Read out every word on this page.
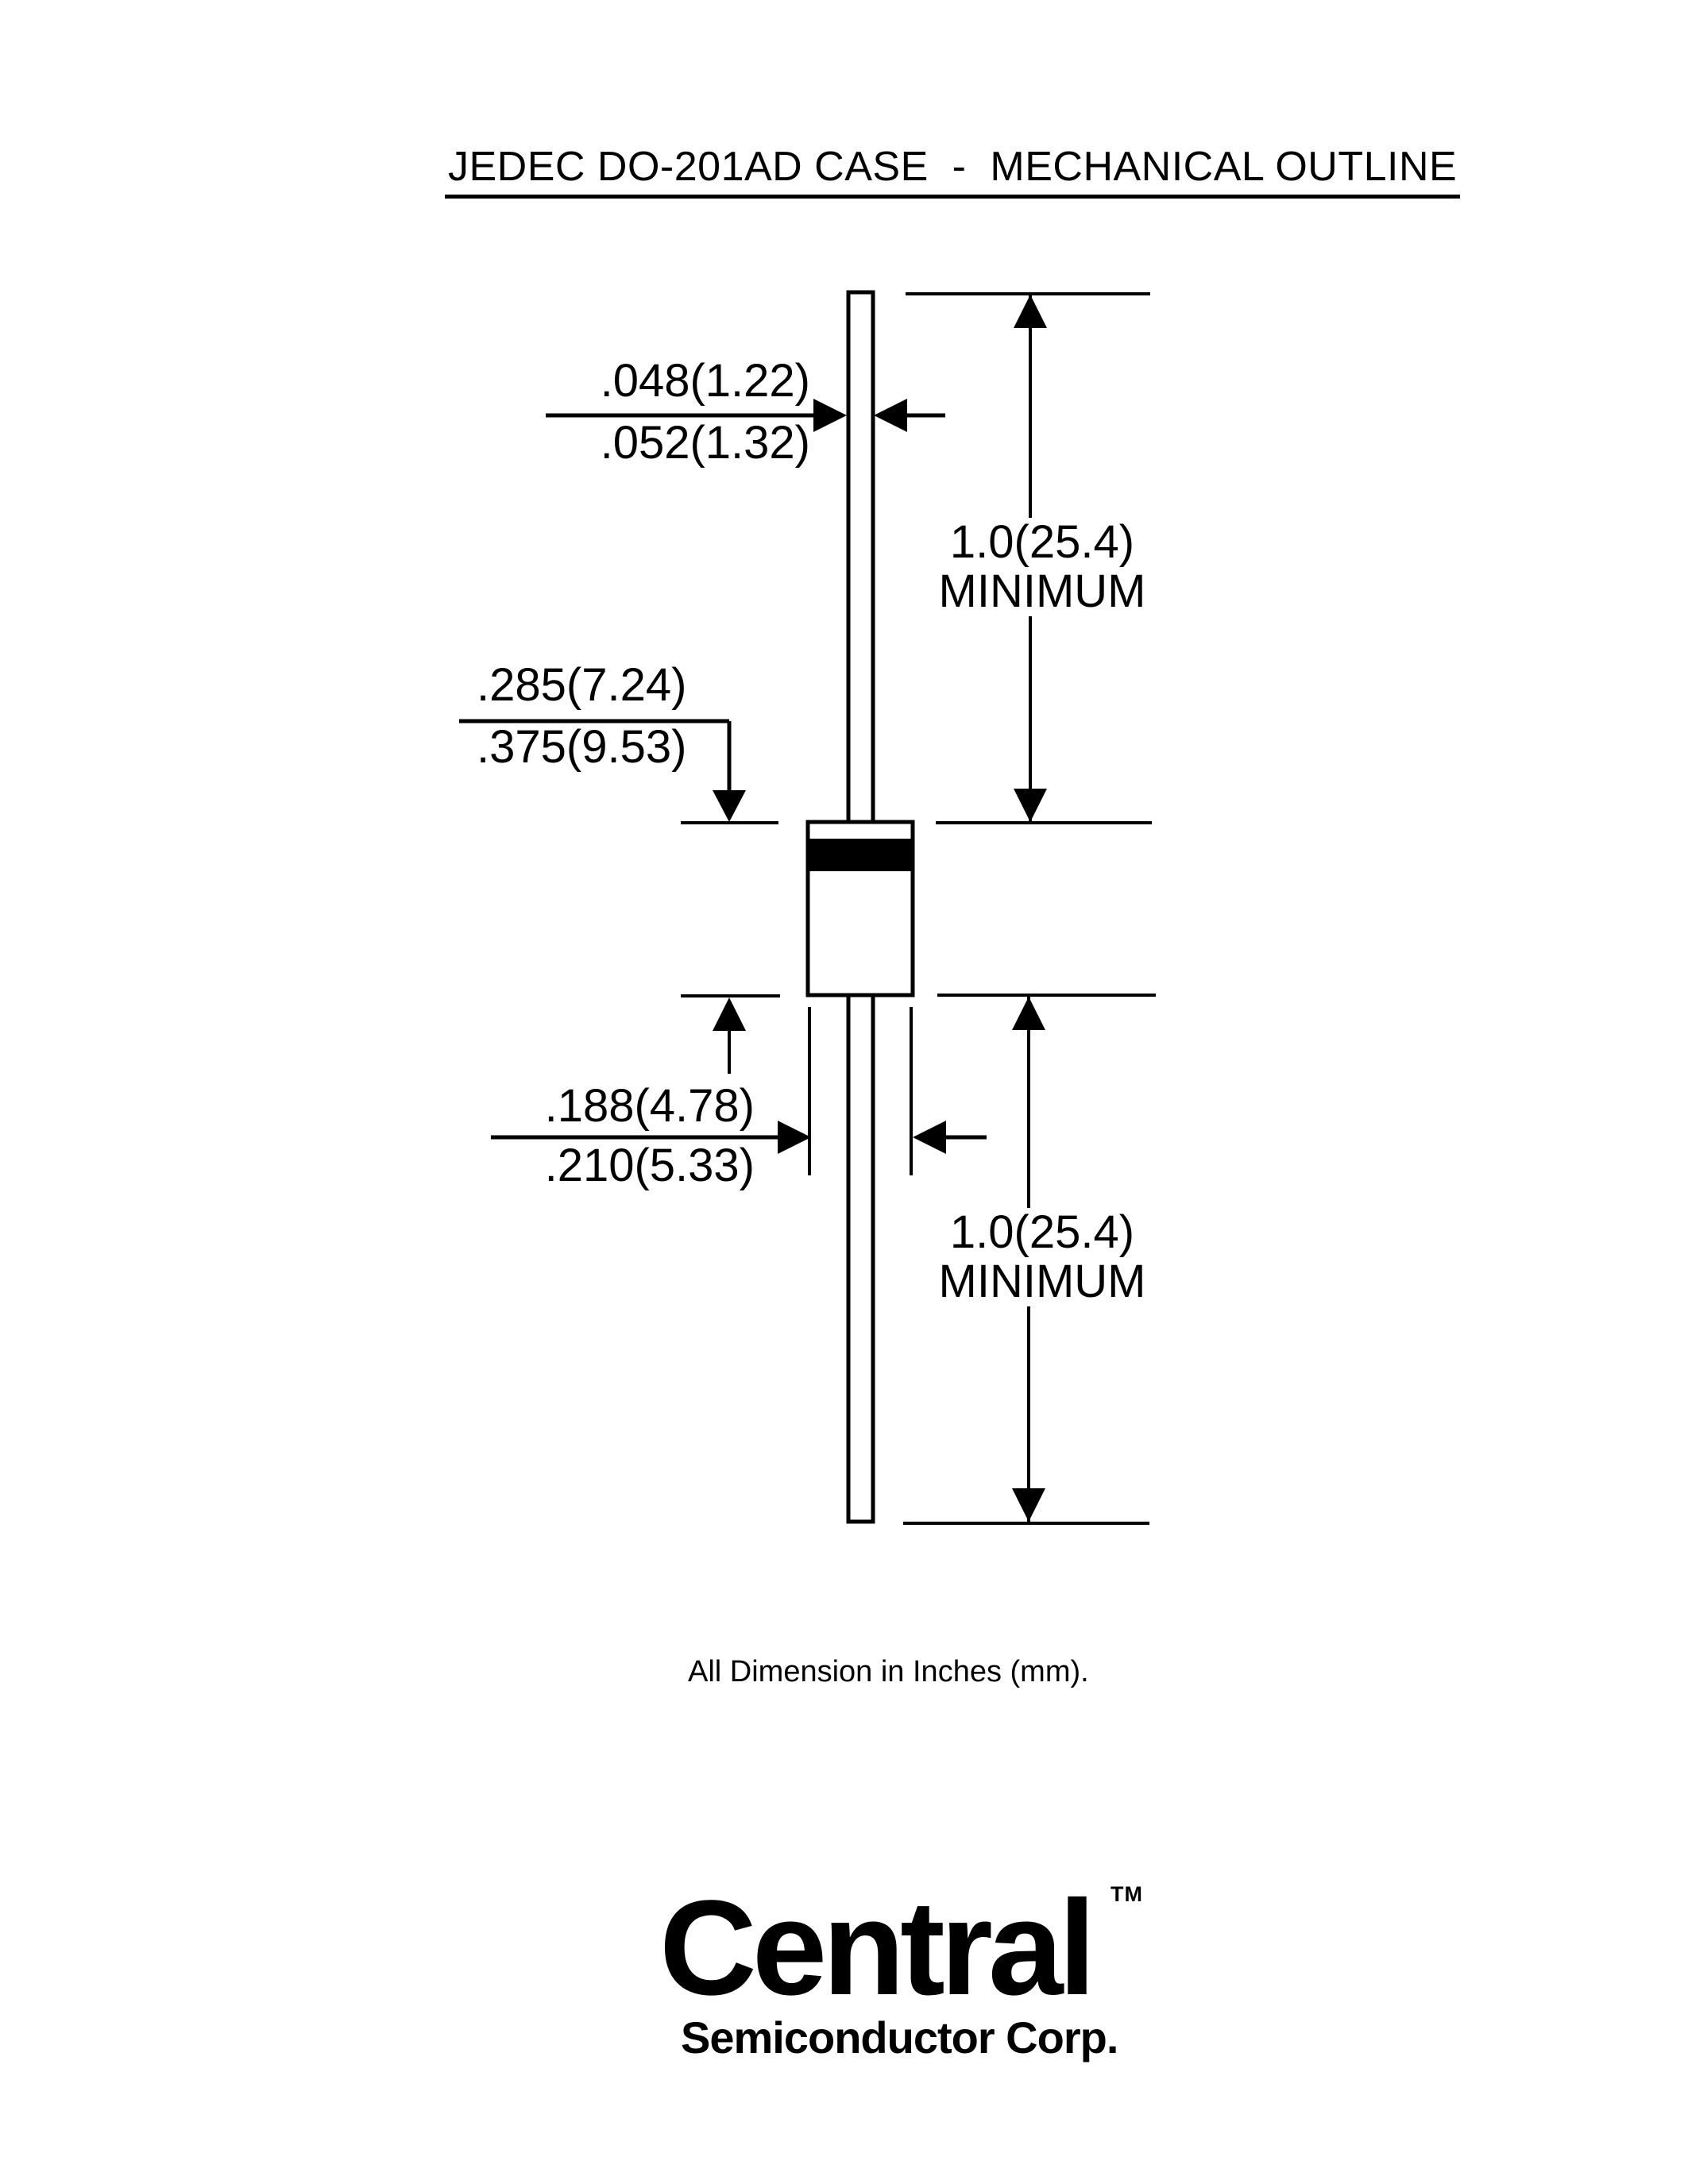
JEDEC DO-201AD CASE  -  MECHANICAL OUTLINE
.048(1.22)
.052(1.32)
.285(7.24)
.375(9.53)
.188(4.78)
.210(5.33)
1.0(25.4)
MINIMUM
1.0(25.4)
MINIMUM
All Dimension in Inches (mm).
Central TM
Semiconductor Corp.
